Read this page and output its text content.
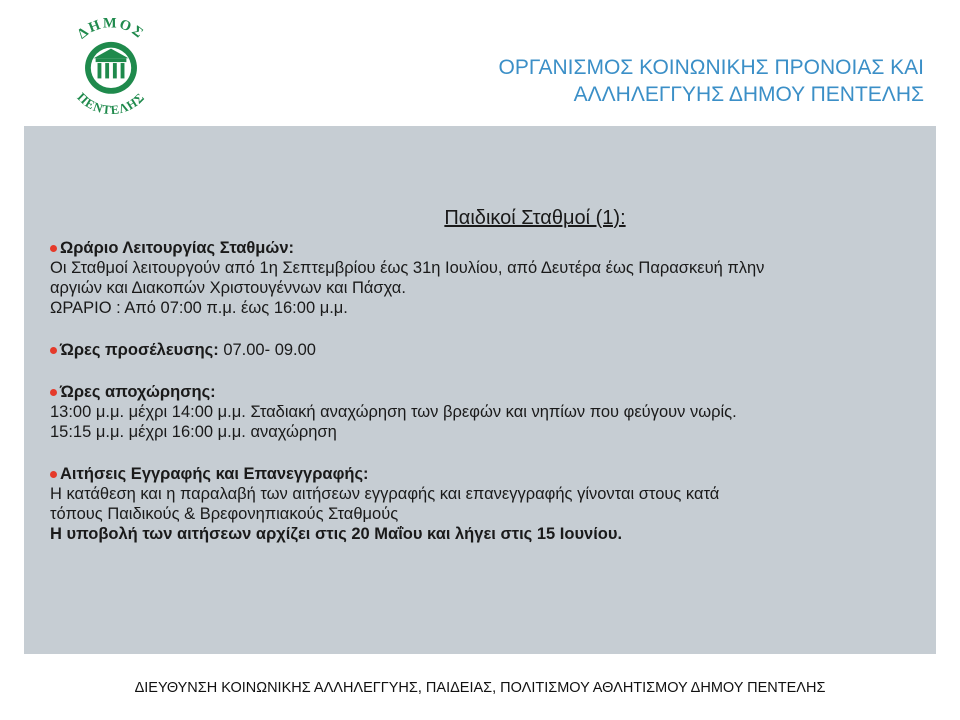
ΔΗΜΟΣ
ΠΕΝΤΕΛΗΣ
ΟΡΓΑΝΙΣΜΟΣ ΚΟΙΝΩΝΙΚΗΣ ΠΡΟΝΟΙΑΣ ΚΑΙ
ΑΛΛΗΛΕΓΓΥΗΣ ΔΗΜΟΥ ΠΕΝΤΕΛΗΣ
Παιδικοί Σταθμοί (1):
Ωράριο Λειτουργίας Σταθμών:
Οι Σταθμοί λειτουργούν από 1η Σεπτεμβρίου έως 31η Ιουλίου, από Δευτέρα έως Παρασκευή πλην
αργιών και Διακοπών Χριστουγέννων και Πάσχα.
ΩΡΑΡΙΟ : Από 07:00 π.μ. έως 16:00 μ.μ.
Ώρες προσέλευσης: 07.00- 09.00
Ώρες αποχώρησης:
13:00 μ.μ. μέχρι 14:00 μ.μ. Σταδιακή αναχώρηση των βρεφών και νηπίων που φεύγουν νωρίς.
15:15 μ.μ. μέχρι 16:00 μ.μ. αναχώρηση
Αιτήσεις Εγγραφής και Επανεγγραφής:
Η κατάθεση και η παραλαβή των αιτήσεων εγγραφής και επανεγγραφής γίνονται στους κατά
τόπους Παιδικούς & Βρεφονηπιακούς Σταθμούς
Η υποβολή των αιτήσεων αρχίζει στις 20 Μαΐου και λήγει στις 15 Ιουνίου.
ΔΙΕΥΘΥΝΣΗ ΚΟΙΝΩΝΙΚΗΣ ΑΛΛΗΛΕΓΓΥΗΣ, ΠΑΙΔΕΙΑΣ, ΠΟΛΙΤΙΣΜΟΥ ΑΘΛΗΤΙΣΜΟΥ ΔΗΜΟΥ ΠΕΝΤΕΛΗΣ
